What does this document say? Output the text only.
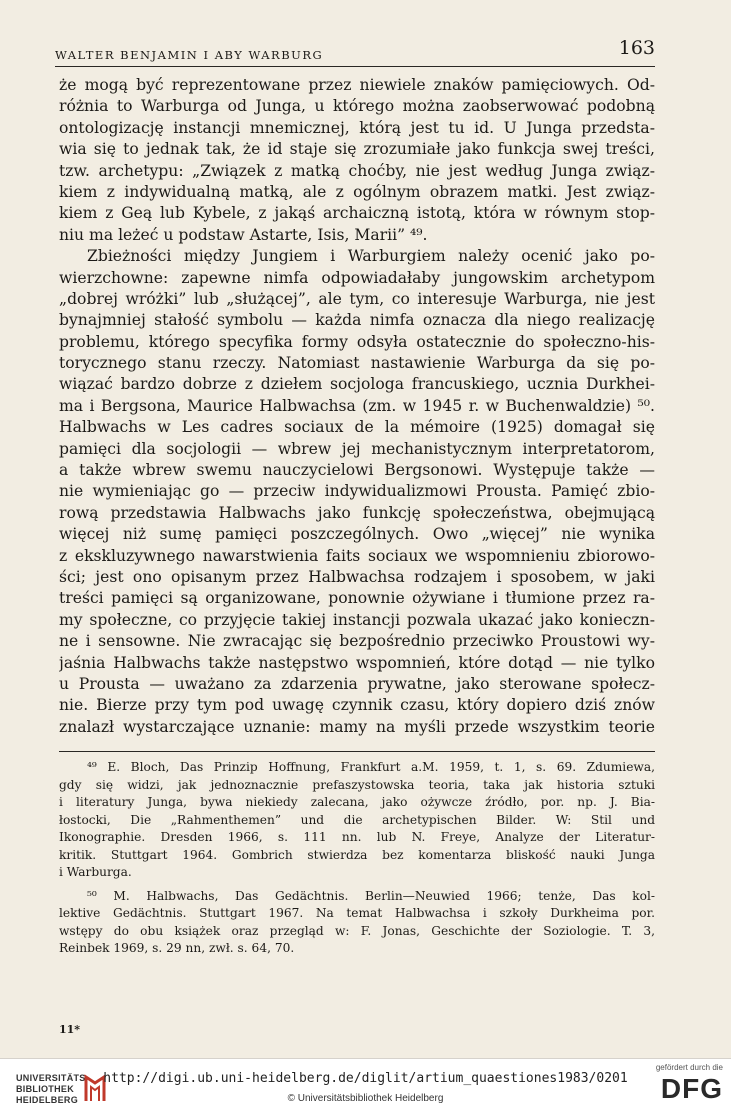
WALTER BENJAMIN I ABY WARBURG	163
że mogą być reprezentowane przez niewiele znaków pamięciowych. Od-
różnia to Warburga od Junga, u którego można zaobserwować podobną
ontologizację instancji mnemicznej, którą jest tu id. U Junga przedsta-
wia się to jednak tak, że id staje się zrozumiałe jako funkcja swej treści,
tzw. archetypu: „Związek z matką choćby, nie jest według Junga związ-
kiem z indywidualną matką, ale z ogólnym obrazem matki. Jest związ-
kiem z Geą lub Kybele, z jakąś archaiczną istotą, która w równym stop-
niu ma leżeć u podstaw Astarte, Isis, Marii” ⁴⁹.
Zbieżności między Jungiem i Warburgiem należy ocenić jako po-
wierzchowne: zapewne nimfa odpowiadałaby jungowskim archetypom
„dobrej wróżki” lub „służącej”, ale tym, co interesuje Warburga, nie jest
bynajmniej stałość symbolu — każda nimfa oznacza dla niego realizację
problemu, którego specyfika formy odsyła ostatecznie do społeczno-his-
torycznego stanu rzeczy. Natomiast nastawienie Warburga da się po-
wiązać bardzo dobrze z dziełem socjologa francuskiego, ucznia Durkhei-
ma i Bergsona, Maurice Halbwachsa (zm. w 1945 r. w Buchenwaldzie) ⁵⁰.
Halbwachs w Les cadres sociaux de la mémoire (1925) domagał się
pamięci dla socjologii — wbrew jej mechanistycznym interpretatorom,
a także wbrew swemu nauczycielowi Bergsonowi. Występuje także —
nie wymieniając go — przeciw indywidualizmowi Prousta. Pamięć zbio-
rową przedstawia Halbwachs jako funkcję społeczeństwa, obejmującą
więcej niż sumę pamięci poszczególnych. Owo „więcej” nie wynika
z ekskluzywnego nawarstwienia faits sociaux we wspomnieniu zbiorowo-
ści; jest ono opisanym przez Halbwachsa rodzajem i sposobem, w jaki
treści pamięci są organizowane, ponownie ożywiane i tłumione przez ra-
my społeczne, co przyjęcie takiej instancji pozwala ukazać jako konieczn-
ne i sensowne. Nie zwracając się bezpośrednio przeciwko Proustowi wy-
jaśnia Halbwachs także następstwo wspomnień, które dotąd — nie tylko
u Prousta — uważano za zdarzenia prywatne, jako sterowane społecz-
nie. Bierze przy tym pod uwagę czynnik czasu, który dopiero dziś znów
znalazł wystarczające uznanie: mamy na myśli przede wszystkim teorie
⁴⁹ E. Bloch, Das Prinzip Hoffnung, Frankfurt a.M. 1959, t. 1, s. 69. Zdumiewa,
gdy się widzi, jak jednoznacznie prefaszystowska teoria, taka jak historia sztuki
i literatury Junga, bywa niekiedy zalecana, jako ożywcze źródło, por. np. J. Bia-
łostocki, Die „Rahmenthemen” und die archetypischen Bilder. W: Stil und
Ikonographie. Dresden 1966, s. 111 nn. lub N. Freye, Analyze der Literatur-
kritik. Stuttgart 1964. Gombrich stwierdza bez komentarza bliskość nauki Junga
i Warburga.
⁵⁰ M. Halbwachs, Das Gedächtnis. Berlin—Neuwied 1966; tenże, Das kol-
lektive Gedächtnis. Stuttgart 1967. Na temat Halbwachsa i szkoły Durkheima por.
wstępy do obu książek oraz przegląd w: F. Jonas, Geschichte der Soziologie. T. 3,
Reinbek 1969, s. 29 nn, zwł. s. 64, 70.
11*
UNIVERSITÄTS-
BIBLIOTHEK
HEIDELBERG
http://digi.ub.uni-heidelberg.de/diglit/artium_quaestiones1983/0201
© Universitätsbibliothek Heidelberg
gefördert durch die
DFG
